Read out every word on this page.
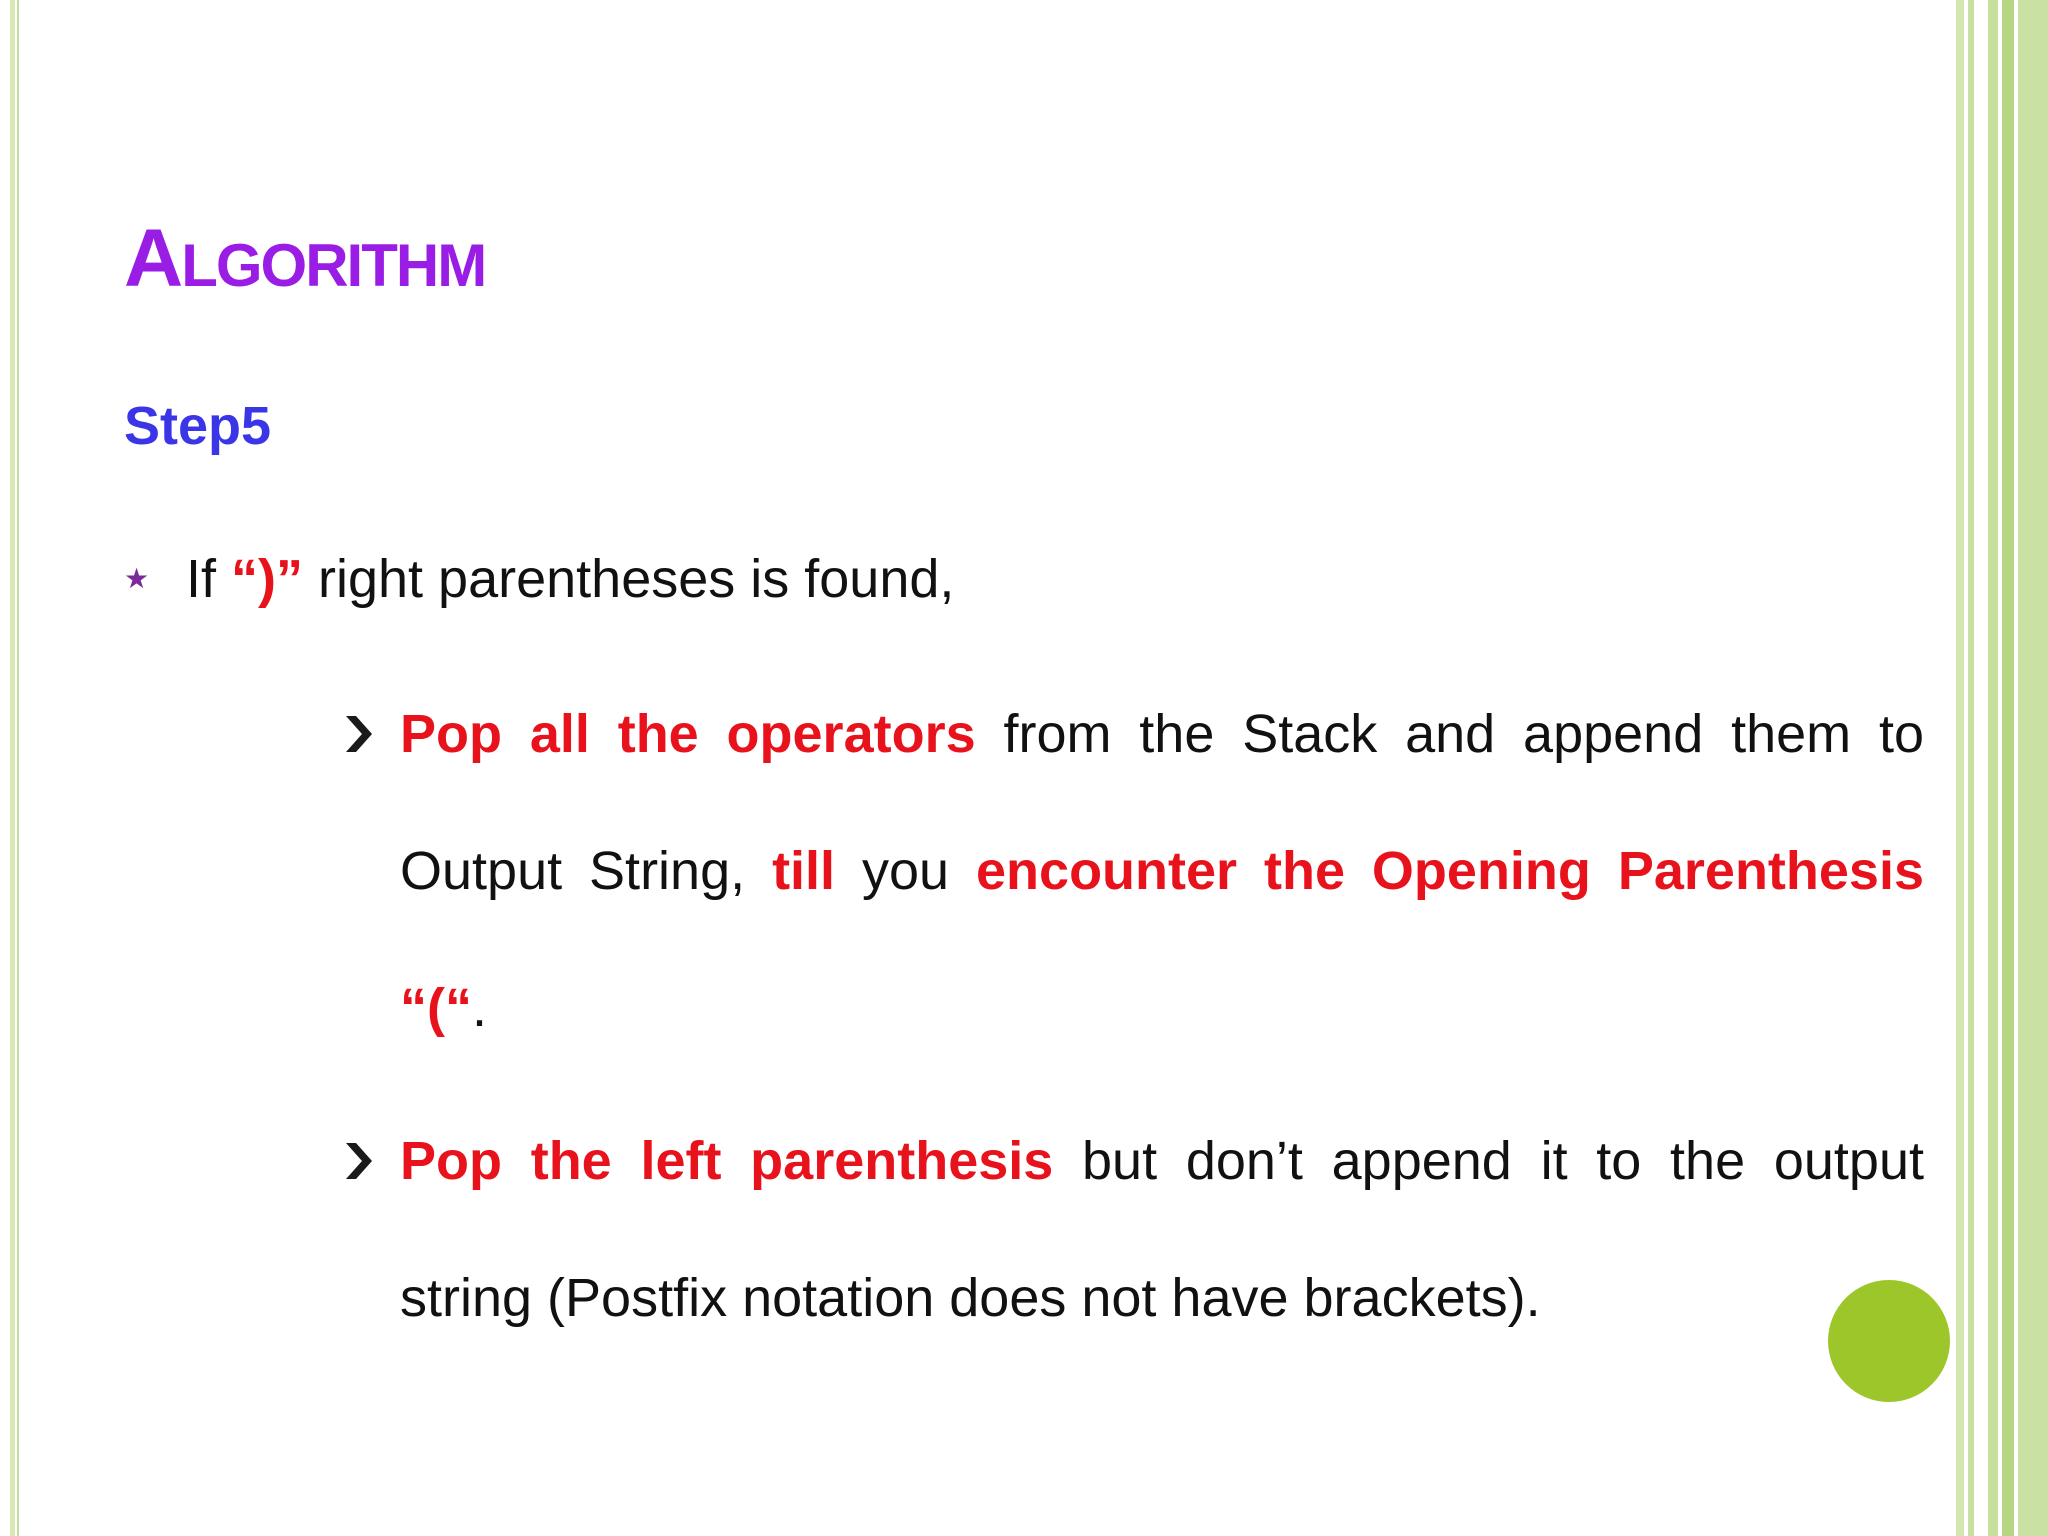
ALGORITHM
Step5
★ If “)” right parentheses is found,
Pop all the operators from the Stack and append them to Output String, till you encounter the Opening Parenthesis “(“.
Pop the left parenthesis but don’t append it to the output string (Postfix notation does not have brackets).
